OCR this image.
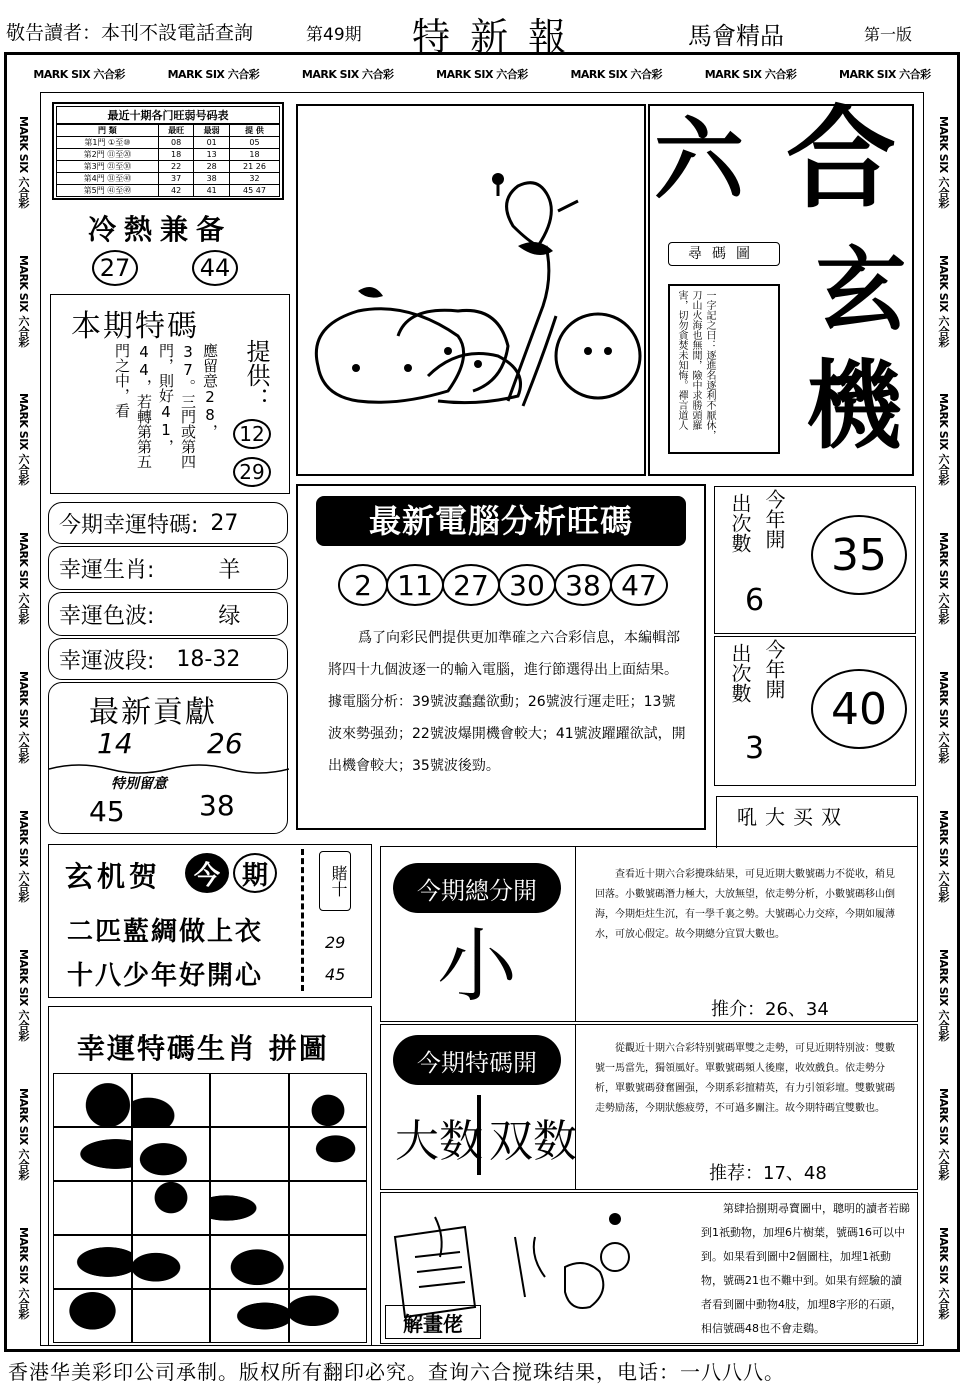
敬告讀者：本刊不設電話查詢	第49期 特 新 報	馬會精品	第一版
MARK SIX 六合彩	MARK SIX 六合彩	MARK SIX 六合彩	MARK SIX 六合彩	MARK SIX 六合彩	MARK SIX 六合彩	MARK SIX 六合彩
MARK SIX 六合彩
MARK SIX 六合彩
MARK SIX 六合彩
MARK SIX 六合彩
MARK SIX 六合彩
MARK SIX 六合彩
MARK SIX 六合彩
MARK SIX 六合彩
MARK SIX 六合彩
MARK SIX 六合彩
MARK SIX 六合彩
MARK SIX 六合彩
MARK SIX 六合彩
MARK SIX 六合彩
MARK SIX 六合彩
MARK SIX 六合彩
MARK SIX 六合彩
MARK SIX 六合彩
最近十期各门旺弱号码表
門 類	最旺	最弱	提 供
第1門 ①至⑩	08	01	05
第2門 ⑪至⑳	18	13	18
第3門 ㉑至㉚	22	28	21 26
第4門 ㉛至㊵	37	38	32
第5門 ㊶至㊾	42	41	45 47
冷熱兼备
27	44
本期特碼
應留意28，37。三門或第四門，則好41，44，若轉第第五門之中，看	提供：
12
29
今期幸運特碼: 27
幸運生肖:	羊
幸運色波:	绿
幸運波段: 18-32
最新貢獻
14	26
特別留意
45	38
六 合
玄
機
尋碼圖
一字記之曰：逐進名逐利不厭休，刀山火海也無閒，險中求勝頭羅害，切勿貪焚未知悔。禪言道人
最新電腦分析旺碼
2 11 27 30 38 47
爲了向彩民們提供更加準確之六合彩信息，本編輯部將四十九個波逐一的輸入電腦，進行節選得出上面結果。據電腦分析：39號波蠢蠢欲動；26號波行運走旺；13號波來勢强劲；22號波爆開機會較大；41號波躍躍欲試，開出機會較大；35號波後勁。
出次數 今年開
6
35
出次數 今年開
3
40
玄机贺 今 期
二匹藍綢做上衣
十八少年好開心
賭十
29
45
今期總分開
小
吼大买双
查看近十期六合彩攪珠結果，可見近期大數號碼力不從收，稍見回落。小數號碼潛力極大，大放無望，依走勢分析，小數號碼移山倒海，今期炬炷生沉，有一學千裏之勢。大號碼心力交瘁，今期如履薄水，可放心假定。故今期總分宜買大數也。
推介：26、34
今期特碼開
大数 双数
從觀近十期六合彩特别號碼單雙之走勢，可見近期特別波：雙數號一馬當先，獨領風好。單數號碼頻人後塵，收效戲負。依走勢分析，單數號碼發奮圖强，今期系彩擅精英，有力引領彩壇。雙數號碼走勢励荡，今期狀態疲勞，不可過多關注。故今期特碼宜雙數也。
推荐：17、48
幸運特碼生肖 拼圖
解畫佬
第肆拾捌期尋寶圖中，聰明的讀者若睇到1祇動物，加埋6片樹葉，號碼16可以中到。如果看到圖中2個圖柱，加埋1祇動物，號碼21也不難中到。如果有經驗的讀者看到圖中動物4肢，加埋8字形的石頭，相信號碼48也不會走鷄。
香港华美彩印公司承制。版权所有翻印必究。查询六合搅珠结果，电话：一八八八。
